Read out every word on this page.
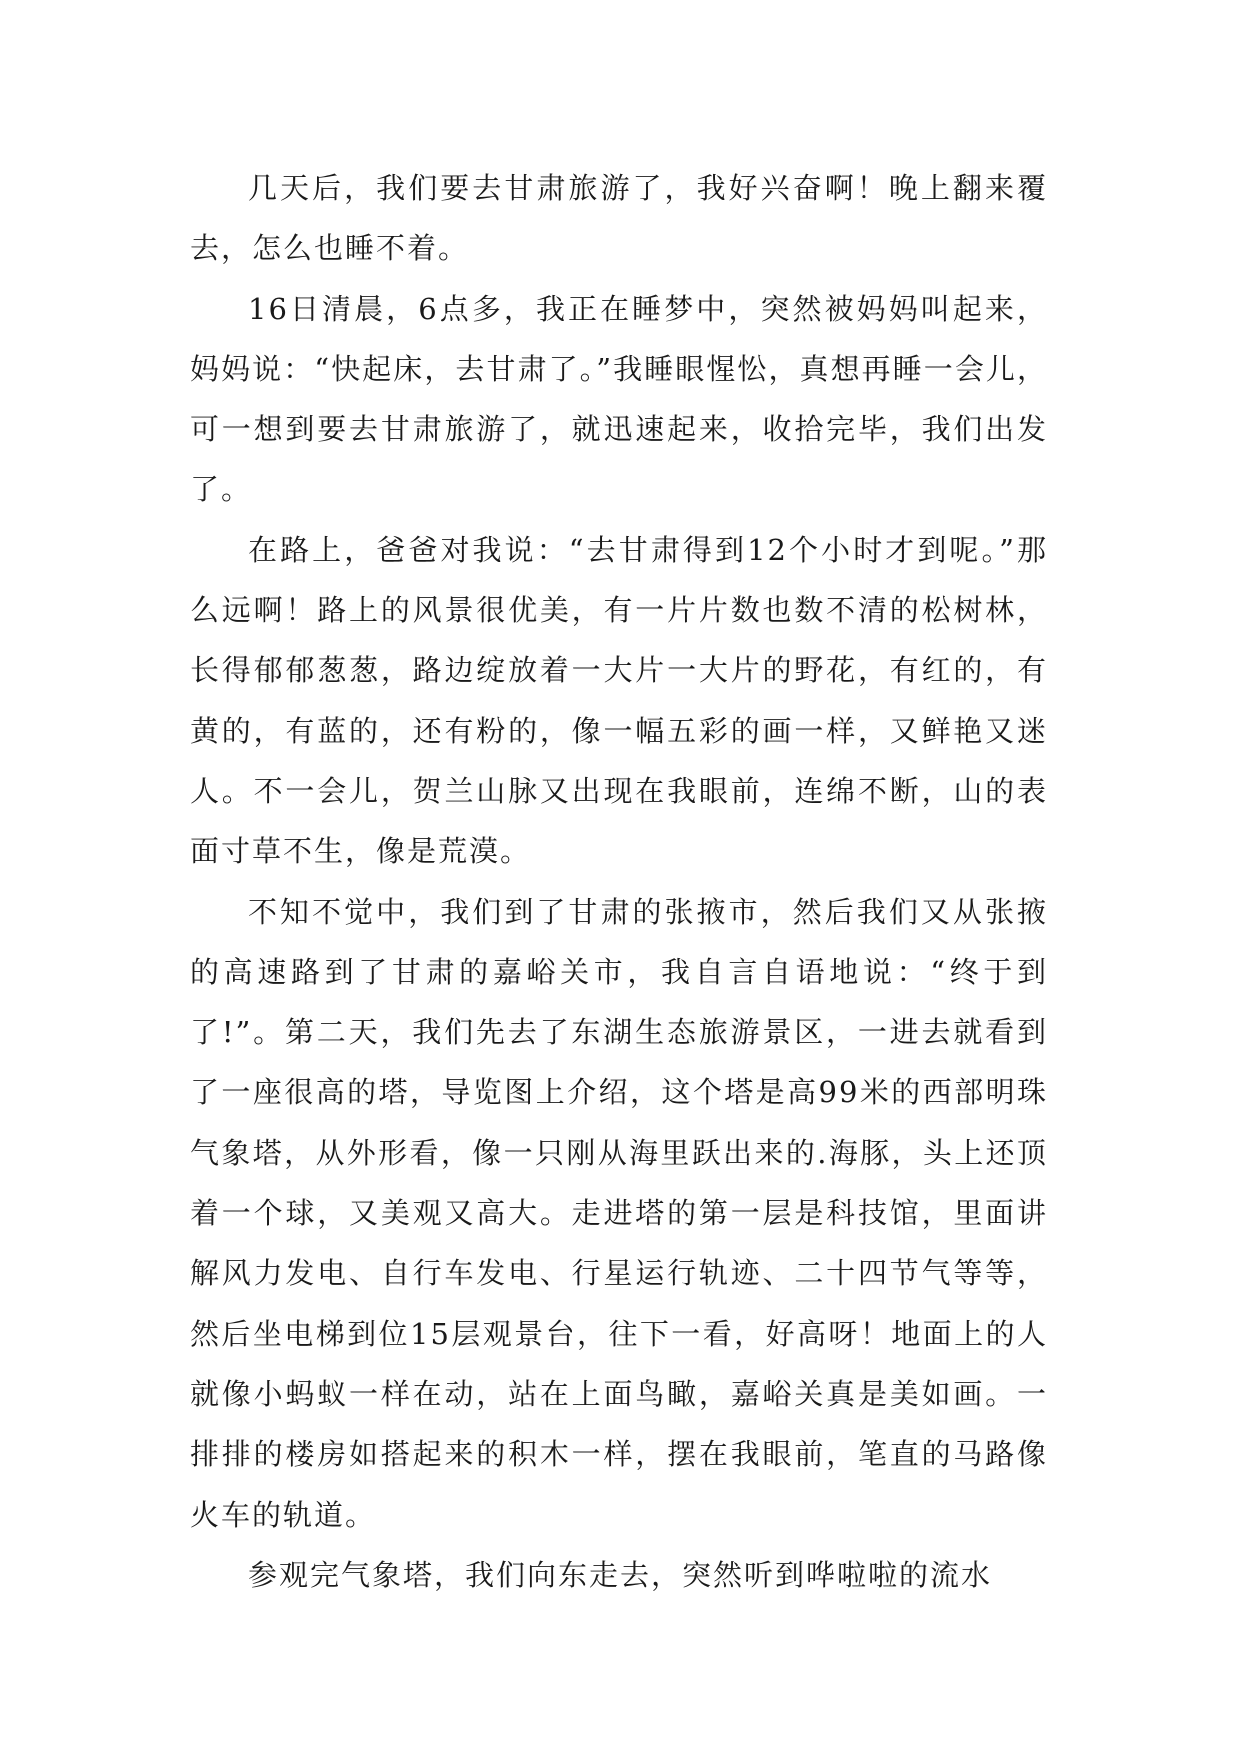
几天后，我们要去甘肃旅游了，我好兴奋啊！晚上翻来覆去，怎么也睡不着。

16日清晨，6点多，我正在睡梦中，突然被妈妈叫起来，妈妈说：“快起床，去甘肃了。”我睡眼惺忪，真想再睡一会儿，可一想到要去甘肃旅游了，就迅速起来，收拾完毕，我们出发了。

在路上，爸爸对我说：“去甘肃得到12个小时才到呢。”那么远啊！路上的风景很优美，有一片片数也数不清的松树林，长得郁郁葱葱，路边绽放着一大片一大片的野花，有红的，有黄的，有蓝的，还有粉的，像一幅五彩的画一样，又鲜艳又迷人。不一会儿，贺兰山脉又出现在我眼前，连绵不断，山的表面寸草不生，像是荒漠。

不知不觉中，我们到了甘肃的张掖市，然后我们又从张掖的高速路到了甘肃的嘉峪关市，我自言自语地说：“终于到了!”。第二天，我们先去了东湖生态旅游景区，一进去就看到了一座很高的塔，导览图上介绍，这个塔是高99米的西部明珠气象塔，从外形看，像一只刚从海里跃出来的.海豚，头上还顶着一个球，又美观又高大。走进塔的第一层是科技馆，里面讲解风力发电、自行车发电、行星运行轨迹、二十四节气等等，然后坐电梯到位15层观景台，往下一看，好高呀！地面上的人就像小蚂蚁一样在动，站在上面鸟瞰，嘉峪关真是美如画。一排排的楼房如搭起来的积木一样，摆在我眼前，笔直的马路像火车的轨道。

参观完气象塔，我们向东走去，突然听到哗啦啦的流水
